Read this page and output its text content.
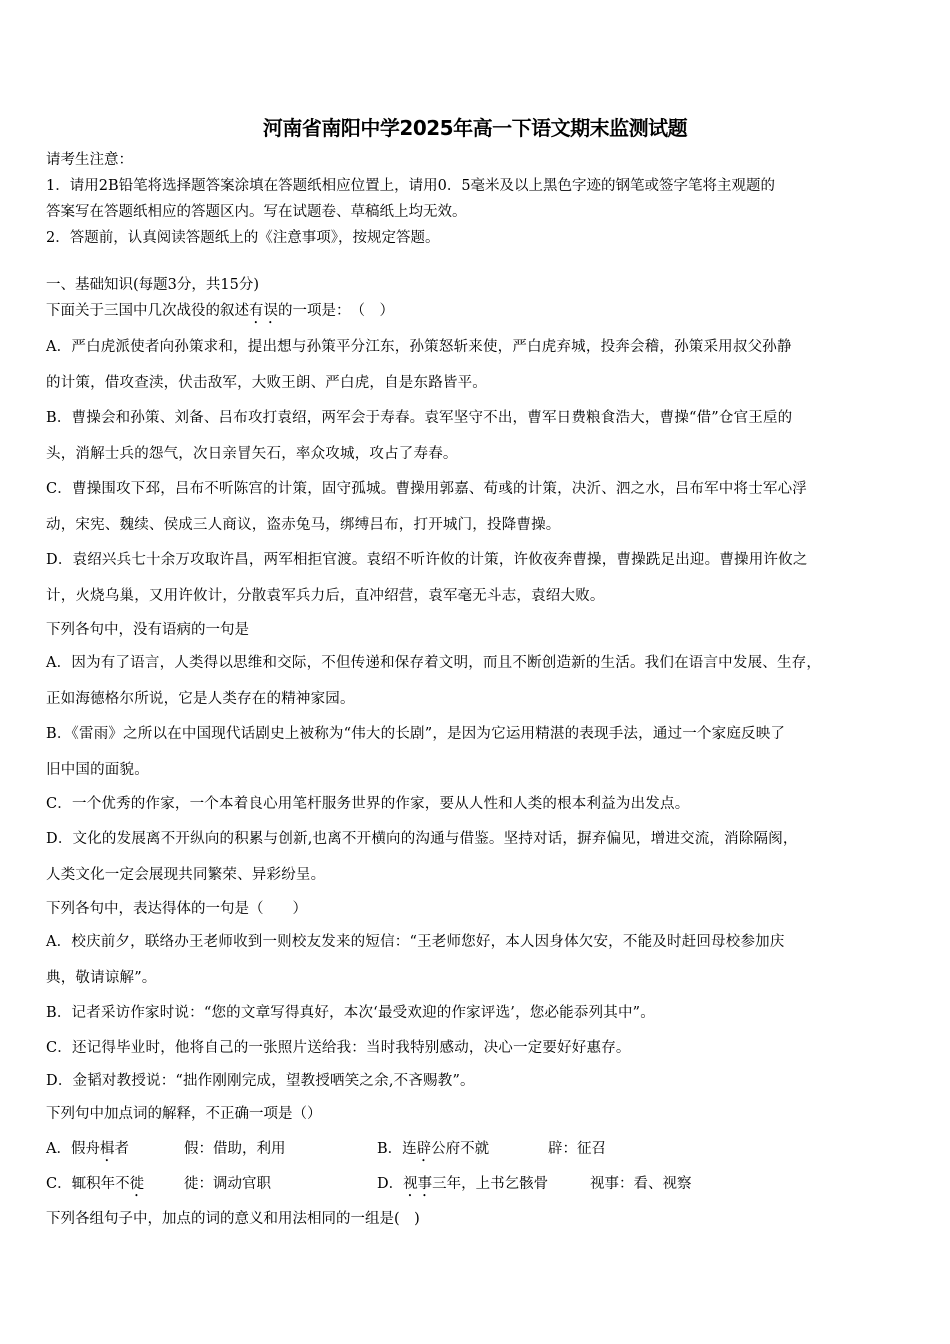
河南省南阳中学2025年高一下语文期末监测试题
请考生注意：
1．请用2B铅笔将选择题答案涂填在答题纸相应位置上，请用0．5毫米及以上黑色字迹的钢笔或签字笔将主观题的
答案写在答题纸相应的答题区内。写在试题卷、草稿纸上均无效。
2．答题前，认真阅读答题纸上的《注意事项》，按规定答题。
一、基础知识(每题3分，共15分)
下面关于三国中几次战役的叙述有误的一项是：　（　）
A．严白虎派使者向孙策求和，提出想与孙策平分江东，孙策怒斩来使，严白虎弃城，投奔会稽，孙策采用叔父孙静
的计策，借攻查渎，伏击敌军，大败王朗、严白虎，自是东路皆平。
B．曹操会和孙策、刘备、吕布攻打袁绍，两军会于寿春。袁军坚守不出，曹军日费粮食浩大，曹操“借”仓官王垕的
头，消解士兵的怨气，次日亲冒矢石，率众攻城，攻占了寿春。
C．曹操围攻下邳，吕布不听陈宫的计策，固守孤城。曹操用郭嘉、荀彧的计策，决沂、泗之水，吕布军中将士军心浮
动，宋宪、魏续、侯成三人商议，盗赤兔马，绑缚吕布，打开城门，投降曹操。
D．袁绍兴兵七十余万攻取许昌，两军相拒官渡。袁绍不听许攸的计策，许攸夜奔曹操，曹操跣足出迎。曹操用许攸之
计，火烧乌巢，又用许攸计，分散袁军兵力后，直冲绍营，袁军毫无斗志，袁绍大败。
下列各句中，没有语病的一句是
A．因为有了语言，人类得以思维和交际，不但传递和保存着文明，而且不断创造新的生活。我们在语言中发展、生存，
正如海德格尔所说，它是人类存在的精神家园。
B．《雷雨》之所以在中国现代话剧史上被称为“伟大的长剧”，是因为它运用精湛的表现手法，通过一个家庭反映了
旧中国的面貌。
C．一个优秀的作家，一个本着良心用笔杆服务世界的作家，要从人性和人类的根本利益为出发点。
D．文化的发展离不开纵向的积累与创新,也离不开横向的沟通与借鉴。坚持对话，摒弃偏见，增进交流，消除隔阂，
人类文化一定会展现共同繁荣、异彩纷呈。
下列各句中，表达得体的一句是（　　）
A．校庆前夕，联络办王老师收到一则校友发来的短信：“王老师您好，本人因身体欠安，不能及时赶回母校参加庆
典，敬请谅解”。
B．记者采访作家时说：“您的文章写得真好，本次‘最受欢迎的作家评选’，您必能忝列其中”。
C．还记得毕业时，他将自己的一张照片送给我：当时我特别感动，决心一定要好好惠存。
D．金韬对教授说：“拙作刚刚完成，望教授哂笑之余,不吝赐教”。
下列句中加点词的解释，不正确一项是（）
A．假舟楫者	假：借助，利用	B．连辟公府不就	辟：征召
C．辄积年不徙	徙：调动官职	D．视事三年，上书乞骸骨	视事：看、视察
下列各组句子中，加点的词的意义和用法相同的一组是(　)
